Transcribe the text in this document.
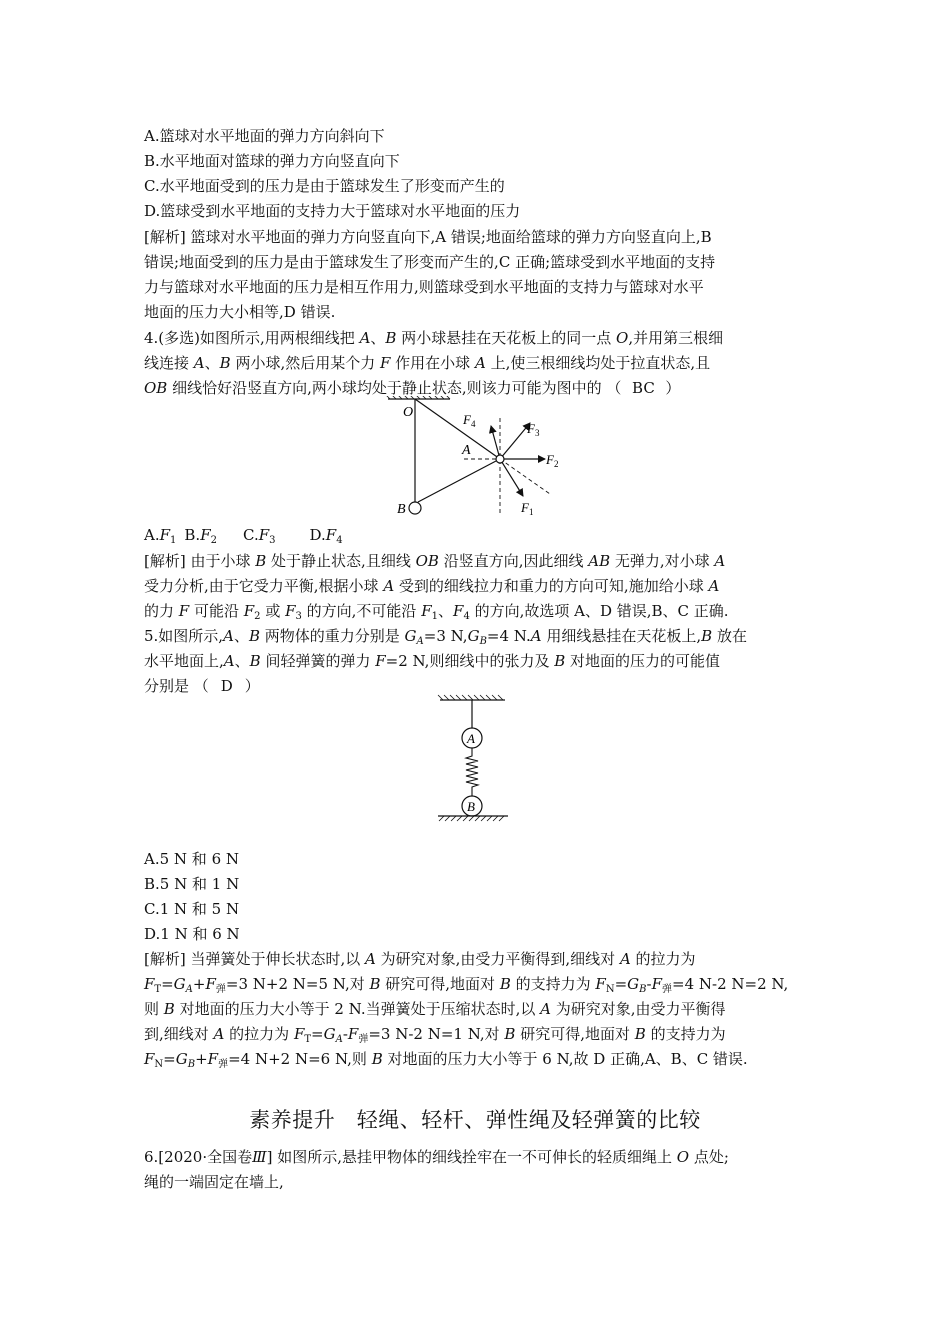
A.篮球对水平地面的弹力方向斜向下
B.水平地面对篮球的弹力方向竖直向下
C.水平地面受到的压力是由于篮球发生了形变而产生的
D.篮球受到水平地面的支持力大于篮球对水平地面的压力
[解析] 篮球对水平地面的弹力方向竖直向下,A 错误;地面给篮球的弹力方向竖直向上,B
错误;地面受到的压力是由于篮球发生了形变而产生的,C 正确;篮球受到水平地面的支持
力与篮球对水平地面的压力是相互作用力,则篮球受到水平地面的支持力与篮球对水平
地面的压力大小相等,D 错误.
4.(多选)如图所示,用两根细线把 A、B 两小球悬挂在天花板上的同一点 O,并用第三根细
线连接 A、B 两小球,然后用某个力 F 作用在小球 A 上,使三根细线均处于拉直状态,且
OB 细线恰好沿竖直方向,两小球均处于静止状态,则该力可能为图中的 （ BC ）
O
A
B	$F_1$
$F_2$
$F_3$
$F_4$
$A.F_1$ $B.F_2$ $C.F_3$ $D.F_4$
[解析] 由于小球 B 处于静止状态,且细线 OB 沿竖直方向,因此细线 AB 无弹力,对小球 A
受力分析,由于它受力平衡,根据小球 A 受到的细线拉力和重力的方向可知,施加给小球 A
的力 F 可能沿 $F_2$ 或 $F_3$ 的方向,不可能沿 $F_1$、$F_4$ 的方向,故选项 A、D 错误,B、C 正确.
5.如图所示,A、B 两物体的重力分别是 $G_A=3$ $N,G_B=4$ N.A 用细线悬挂在天花板上,B 放在
水平地面上,A、B 间轻弹簧的弹力 F=2 N,则细线中的张力及 B 对地面的压力的可能值
分别是 （ D ）
A
B
A.5 N 和 6 N
B.5 N 和 1 N
C.1 N 和 5 N
D.1 N 和 6 N
[解析] 当弹簧处于伸长状态时,以 A 为研究对象,由受力平衡得到,细线对 A 的拉力为
$F_T=G_A+F_弹=3$ N+2 N=5 N,对 B 研究可得,地面对 B 的支持力为 $F_N=G_B-F_弹=4$ N-2 N=2 N,
则 B 对地面的压力大小等于 2 N.当弹簧处于压缩状态时,以 A 为研究对象,由受力平衡得
到,细线对 A 的拉力为 $F_T=G_A-F_弹=3$ N-2 N=1 N,对 B 研究可得,地面对 B 的支持力为
$F_N=G_B+F_弹=4$ N+2 N=6 N,则 B 对地面的压力大小等于 6 N,故 D 正确,A、B、C 错误.
素养提升　轻绳、轻杆、弹性绳及轻弹簧的比较
6.[2020·全国卷Ⅲ] 如图所示,悬挂甲物体的细线拴牢在一不可伸长的轻质细绳上 O 点处;
绳的一端固定在墙上,
